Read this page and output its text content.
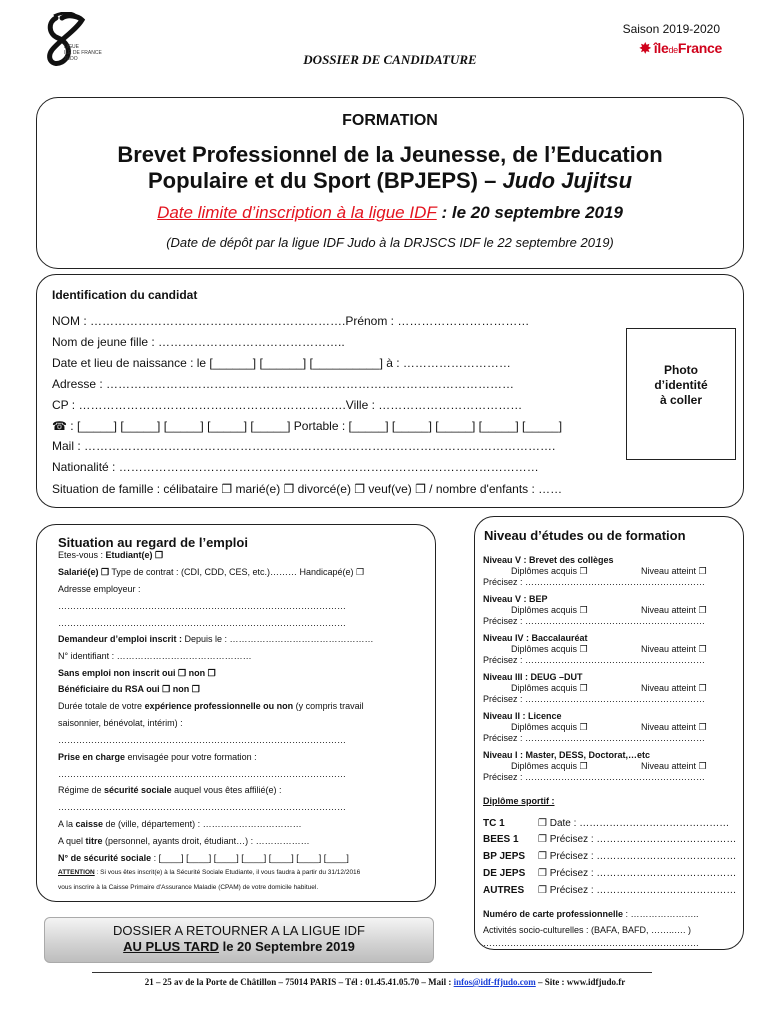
LIGUE
ILE DE FRANCE
JUDO
Saison 2019-2020
✸ îledeFrance
DOSSIER DE CANDIDATURE
FORMATION
Brevet Professionnel de la Jeunesse, de l’Education
Populaire et du Sport (BPJEPS) – Judo Jujitsu
Date limite d’inscription à la ligue IDF : le 20 septembre 2019
(Date de dépôt par la ligue IDF Judo à la DRJSCS IDF le 22 septembre 2019)
Identification du candidat
NOM : ……………………………………………………….Prénom : ……………………………
Nom de jeune fille : ………………………………………..
Date et lieu de naissance : le [______] [______] [__________] à : ………………………
Adresse : …………………………………………………………………………………………
CP : ………………………………………………………….Ville : ………………………………
☎ : [_____] [_____] [_____] [_____] [_____] Portable : [_____] [_____] [_____] [_____] [_____]
Mail : ……………………………………………………………………………………………………….
Nationalité : ……………………………………………………………………………………………
Situation de famille : célibataire ❐ marié(e) ❐ divorcé(e) ❐ veuf(ve) ❐ / nombre d'enfants : ……
Photo
d’identité
à coller
Situation au regard de l’emploi
Etes-vous : Etudiant(e) ❐
Salarié(e) ❐ Type de contrat : (CDI, CDD, CES, etc.)……… Handicapé(e) ❐
Adresse employeur :
……………………………………………………………………………………
……………………………………………………………………………………
Demandeur d’emploi inscrit : Depuis le : …………………………………………
N° identifiant : ………………………………………
Sans emploi non inscrit oui ❐ non ❐
Bénéficiaire du RSA oui ❐ non ❐
Durée totale de votre expérience professionnelle ou non (y compris travail
saisonnier, bénévolat, intérim) :
……………………………………………………………………………………
Prise en charge envisagée pour votre formation :
……………………………………………………………………………………
Régime de sécurité sociale auquel vous êtes affilié(e) :
……………………………………………………………………………………
A la caisse de (ville, département) : ……………………………
A quel titre (personnel, ayants droit, étudiant…) : ………………
N° de sécurité sociale : [____] [____] [____] [____] [____] [____] [____]
ATTENTION : Si vous êtes inscrit(e) à la Sécurité Sociale Etudiante, il vous faudra à partir du 31/12/2016
vous inscrire à la Caisse Primaire d'Assurance Maladie (CPAM) de votre domicile habituel.
Niveau d’études ou de formation
Niveau V : Brevet des collèges
Diplômes acquis ❐	Niveau atteint ❐
Précisez : ……………………………………………………
Niveau V : BEP
Diplômes acquis ❐	Niveau atteint ❐
Précisez : ……………………………………………………
Niveau IV : Baccalauréat
Diplômes acquis ❐	Niveau atteint ❐
Précisez : ……………………………………………………
Niveau III : DEUG –DUT
Diplômes acquis ❐	Niveau atteint ❐
Précisez : ……………………………………………………
Niveau II : Licence
Diplômes acquis ❐	Niveau atteint ❐
Précisez : ……………………………………………………
Niveau I : Master, DESS, Doctorat,…etc
Diplômes acquis ❐	Niveau atteint ❐
Précisez : ……………………………………………………
Diplôme sportif :
TC 1	❐ Date : ………………………………………
BEES 1 ❐ Précisez : ……………………………………
BP JEPS ❐ Précisez : ……………………………………
DE JEPS ❐ Précisez : ……………………………………
AUTRES ❐ Précisez : ……………………………………
Numéro de carte professionnelle : …………………..
Activités socio-culturelles : (BAFA, BAFD, ……..…. )
………………………………………………………………
DOSSIER A RETOURNER A LA LIGUE IDF
AU PLUS TARD le 20 Septembre 2019
21 – 25 av de la Porte de Châtillon – 75014 PARIS – Tél : 01.45.41.05.70 – Mail : infos@idf-ffjudo.com – Site : www.idfjudo.fr
